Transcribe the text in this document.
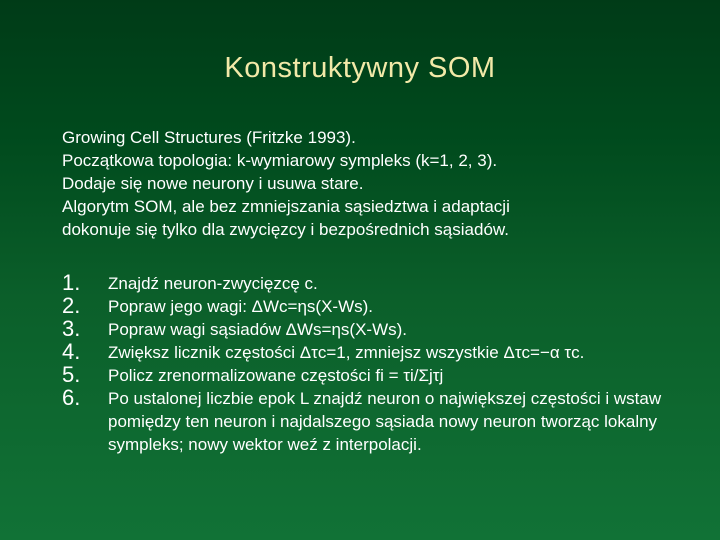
Konstruktywny SOM
Growing Cell Structures (Fritzke 1993).
Początkowa topologia: k-wymiarowy sympleks (k=1, 2, 3).
Dodaje się nowe neurony i usuwa stare.
Algorytm SOM, ale bez zmniejszania sąsiedztwa i adaptacji
dokonuje się tylko dla zwycięzcy i bezpośrednich sąsiadów.
1. Znajdź neuron-zwycięzcę c.
2. Popraw jego wagi: ΔWc=ηs(X-Ws).
3. Popraw wagi sąsiadów ΔWs=ηs(X-Ws).
4. Zwiększ licznik częstości Δτc=1, zmniejsz wszystkie Δτc=−α τc.
5. Policz zrenormalizowane częstości fi = τi/Σjτj
6. Po ustalonej liczbie epok L znajdź neuron o największej częstości i wstaw pomiędzy ten neuron i najdalszego sąsiada nowy neuron tworząc lokalny sympleks; nowy wektor weź z interpolacji.
